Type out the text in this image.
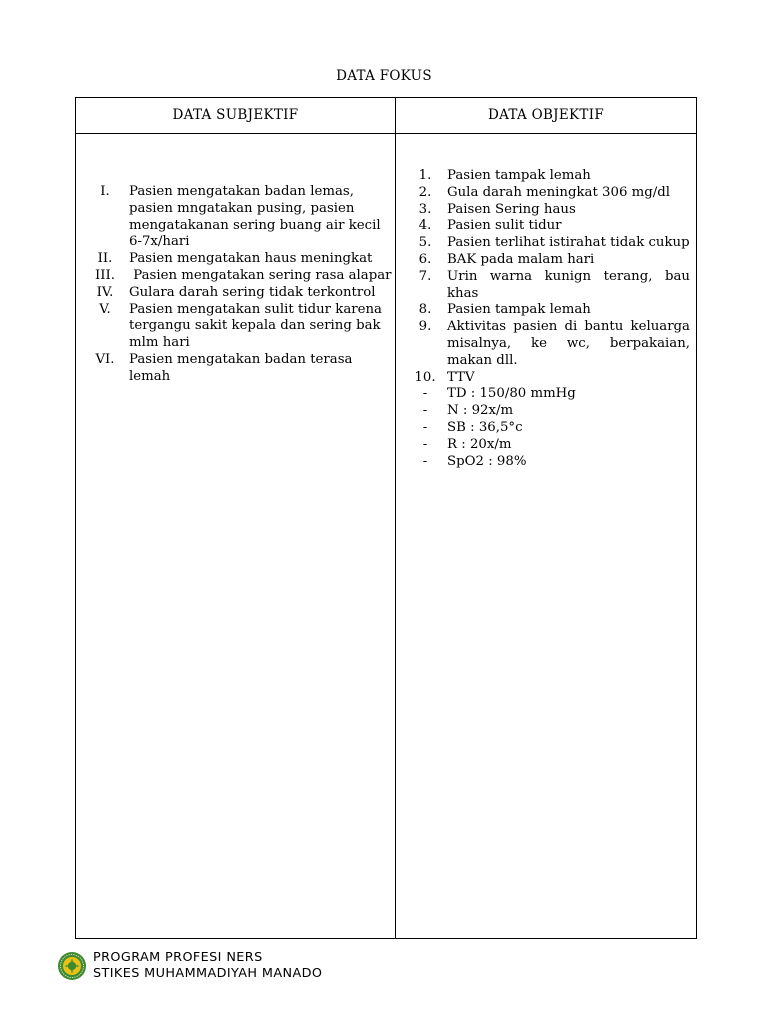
DATA FOKUS
DATA SUBJEKTIF	DATA OBJEKTIF
I.	Pasien mengatakan badan lemas, pasien mngatakan pusing, pasien mengatakanan sering buang air kecil 6-7x/hari
II.	Pasien mengatakan haus meningkat
III.	Pasien mengatakan sering rasa alapar
IV.	Gulara darah sering tidak terkontrol
V.	Pasien mengatakan sulit tidur karena tergangu sakit kepala dan sering bak mlm hari
VI.	Pasien mengatakan badan terasa lemah
1.	Pasien tampak lemah
2.	Gula darah meningkat 306 mg/dl
3.	Paisen Sering haus
4.	Pasien sulit tidur
5.	Pasien terlihat istirahat tidak cukup
6.	BAK pada malam hari
7.	Urin warna kunign terang, bau khas
8.	Pasien tampak lemah
9.	Aktivitas pasien di bantu keluarga misalnya, ke wc, berpakaian, makan dll.
10. TTV
-	TD : 150/80 mmHg
-	N : 92x/m
-	SB : 36,5°c
-	R : 20x/m
-	SpO2 : 98%
PROGRAM PROFESI NERS
STIKES MUHAMMADIYAH MANADO
